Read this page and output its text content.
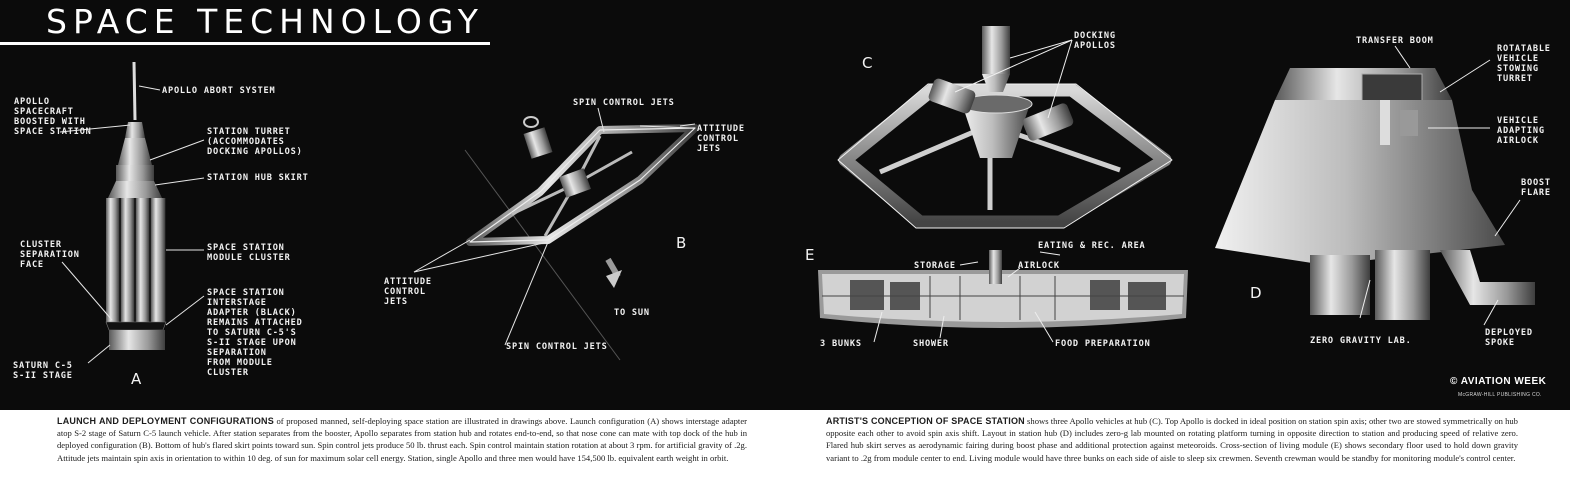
SPACE TECHNOLOGY
APOLLO ABORT SYSTEM
APOLLO
SPACECRAFT
BOOSTED WITH
SPACE STATION	STATION TURRET
(ACCOMMODATES
DOCKING APOLLOS)
STATION HUB SKIRT
CLUSTER
SEPARATION
FACE
SPACE STATION
MODULE CLUSTER
SPACE STATION
INTERSTAGE
ADAPTER (BLACK)
REMAINS ATTACHED
TO SATURN C-5'S
S-II STAGE UPON
SEPARATION
FROM MODULE
CLUSTER
SATURN C-5
S-II STAGE	A
SPIN CONTROL JETS
ATTITUDE
CONTROL
JETS
ATTITUDE
CONTROL
JETS
B
TO SUN
SPIN CONTROL JETS
C
DOCKING
APOLLOS
E	EATING & REC. AREA
STORAGE	AIRLOCK
3 BUNKS	SHOWER	FOOD PREPARATION
TRANSFER BOOM
ROTATABLE
VEHICLE
STOWING
TURRET
VEHICLE
ADAPTING
AIRLOCK
BOOST
FLARE
D
ZERO GRAVITY LAB.
DEPLOYED
SPOKE
© AVIATION WEEK
McGRAW-HILL PUBLISHING CO.
LAUNCH AND DEPLOYMENT CONFIGURATIONS of proposed manned, self-deploying space station are illustrated in drawings above. Launch configuration (A) shows interstage adapter atop S-2 stage of Saturn C-5 launch vehicle. After station separates from the booster, Apollo separates from station hub and rotates end-to-end, so that nose cone can mate with top dock of the hub in deployed configuration (B). Bottom of hub's flared skirt points toward sun. Spin control jets produce 50 lb. thrust each. Spin control maintain station rotation at about 3 rpm. for artificial gravity of .2g. Attitude jets maintain spin axis in orientation to within 10 deg. of sun for maximum solar cell energy. Station, single Apollo and three men would have 154,500 lb. equivalent earth weight in orbit.
ARTIST'S CONCEPTION OF SPACE STATION shows three Apollo vehicles at hub (C). Top Apollo is docked in ideal position on station spin axis; other two are stowed symmetrically on hub opposite each other to avoid spin axis shift. Layout in station hub (D) includes zero-g lab mounted on rotating platform turning in opposite direction to station and producing speed of relative zero. Flared hub skirt serves as aerodynamic fairing during boost phase and additional protection against meteoroids. Cross-section of living module (E) shows secondary floor used to hold down gravity variant to .2g from module center to end. Living module would have three bunks on each side of aisle to sleep six crewmen. Seventh crewman would be standby for monitoring module's control center.
